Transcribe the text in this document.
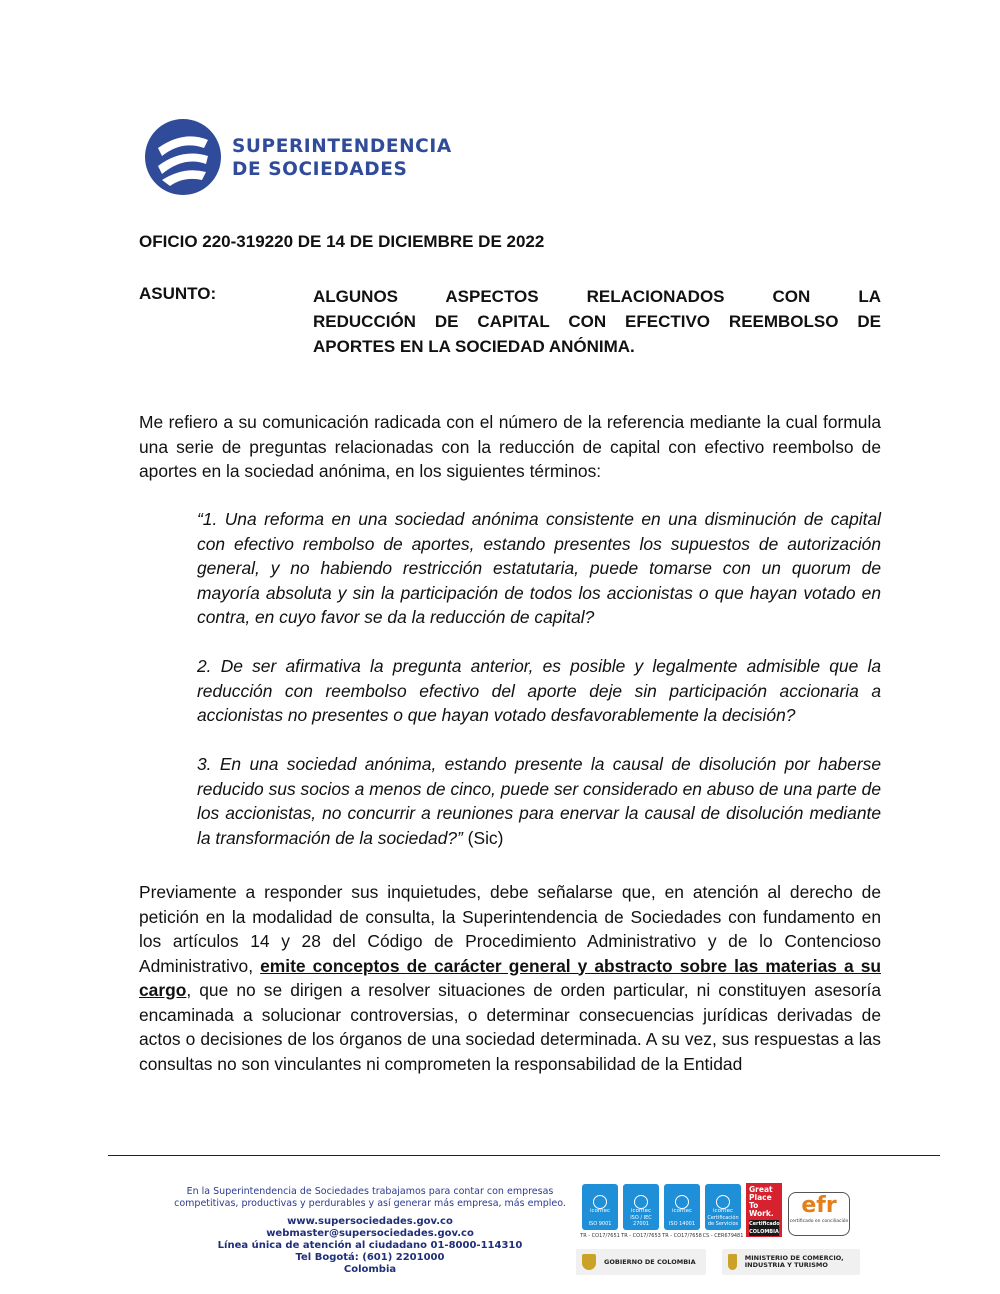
SUPERINTENDENCIA
DE SOCIEDADES
OFICIO 220-319220 DE 14 DE DICIEMBRE DE 2022
ASUNTO:	ALGUNOS ASPECTOS RELACIONADOS CON LA
REDUCCIÓN DE CAPITAL CON EFECTIVO REEMBOLSO DE
APORTES EN LA SOCIEDAD ANÓNIMA.
Me refiero a su comunicación radicada con el número de la referencia mediante la cual formula una serie de preguntas relacionadas con la reducción de capital con efectivo reembolso de aportes en la sociedad anónima, en los siguientes términos:
“1. Una reforma en una sociedad anónima consistente en una disminución de capital con efectivo rembolso de aportes, estando presentes los supuestos de autorización general, y no habiendo restricción estatutaria, puede tomarse con un quorum de mayoría absoluta y sin la participación de todos los accionistas o que hayan votado en contra, en cuyo favor se da la reducción de capital?
2. De ser afirmativa la pregunta anterior, es posible y legalmente admisible que la reducción con reembolso efectivo del aporte deje sin participación accionaria a accionistas no presentes o que hayan votado desfavorablemente la decisión?
3. En una sociedad anónima, estando presente la causal de disolución por haberse reducido sus socios a menos de cinco, puede ser considerado en abuso de una parte de los accionistas, no concurrir a reuniones para enervar la causal de disolución mediante la transformación de la sociedad?” (Sic)
Previamente a responder sus inquietudes, debe señalarse que, en atención al derecho de petición en la modalidad de consulta, la Superintendencia de Sociedades con fundamento en los artículos 14 y 28 del Código de Procedimiento Administrativo y de lo Contencioso Administrativo, emite conceptos de carácter general y abstracto sobre las materias a su cargo, que no se dirigen a resolver situaciones de orden particular, ni constituyen asesoría encaminada a solucionar controversias, o determinar consecuencias jurídicas derivadas de actos o decisiones de los órganos de una sociedad determinada. A su vez, sus respuestas a las consultas no son vinculantes ni comprometen la responsabilidad de la Entidad
En la Superintendencia de Sociedades trabajamos para contar con empresas
competitivas, productivas y perdurables y así generar más empresa, más empleo.
www.supersociedades.gov.co
webmaster@supersociedades.gov.co
Línea única de atención al ciudadano 01-8000-114310
Tel Bogotá: (601) 2201000
Colombia
icontec
ISO 9001
TR - CO17/7651
icontec
ISO / IEC 27001
TR - CO17/7653
icontec
ISO 14001
TR - CO17/7658
icontec
Certificación de Servicios
CS - CER679481
Great Place To Work.
Certificado COLOMBIA
efr
certificado en conciliación
GOBIERNO DE COLOMBIA	MINISTERIO DE COMERCIO, INDUSTRIA Y TURISMO
